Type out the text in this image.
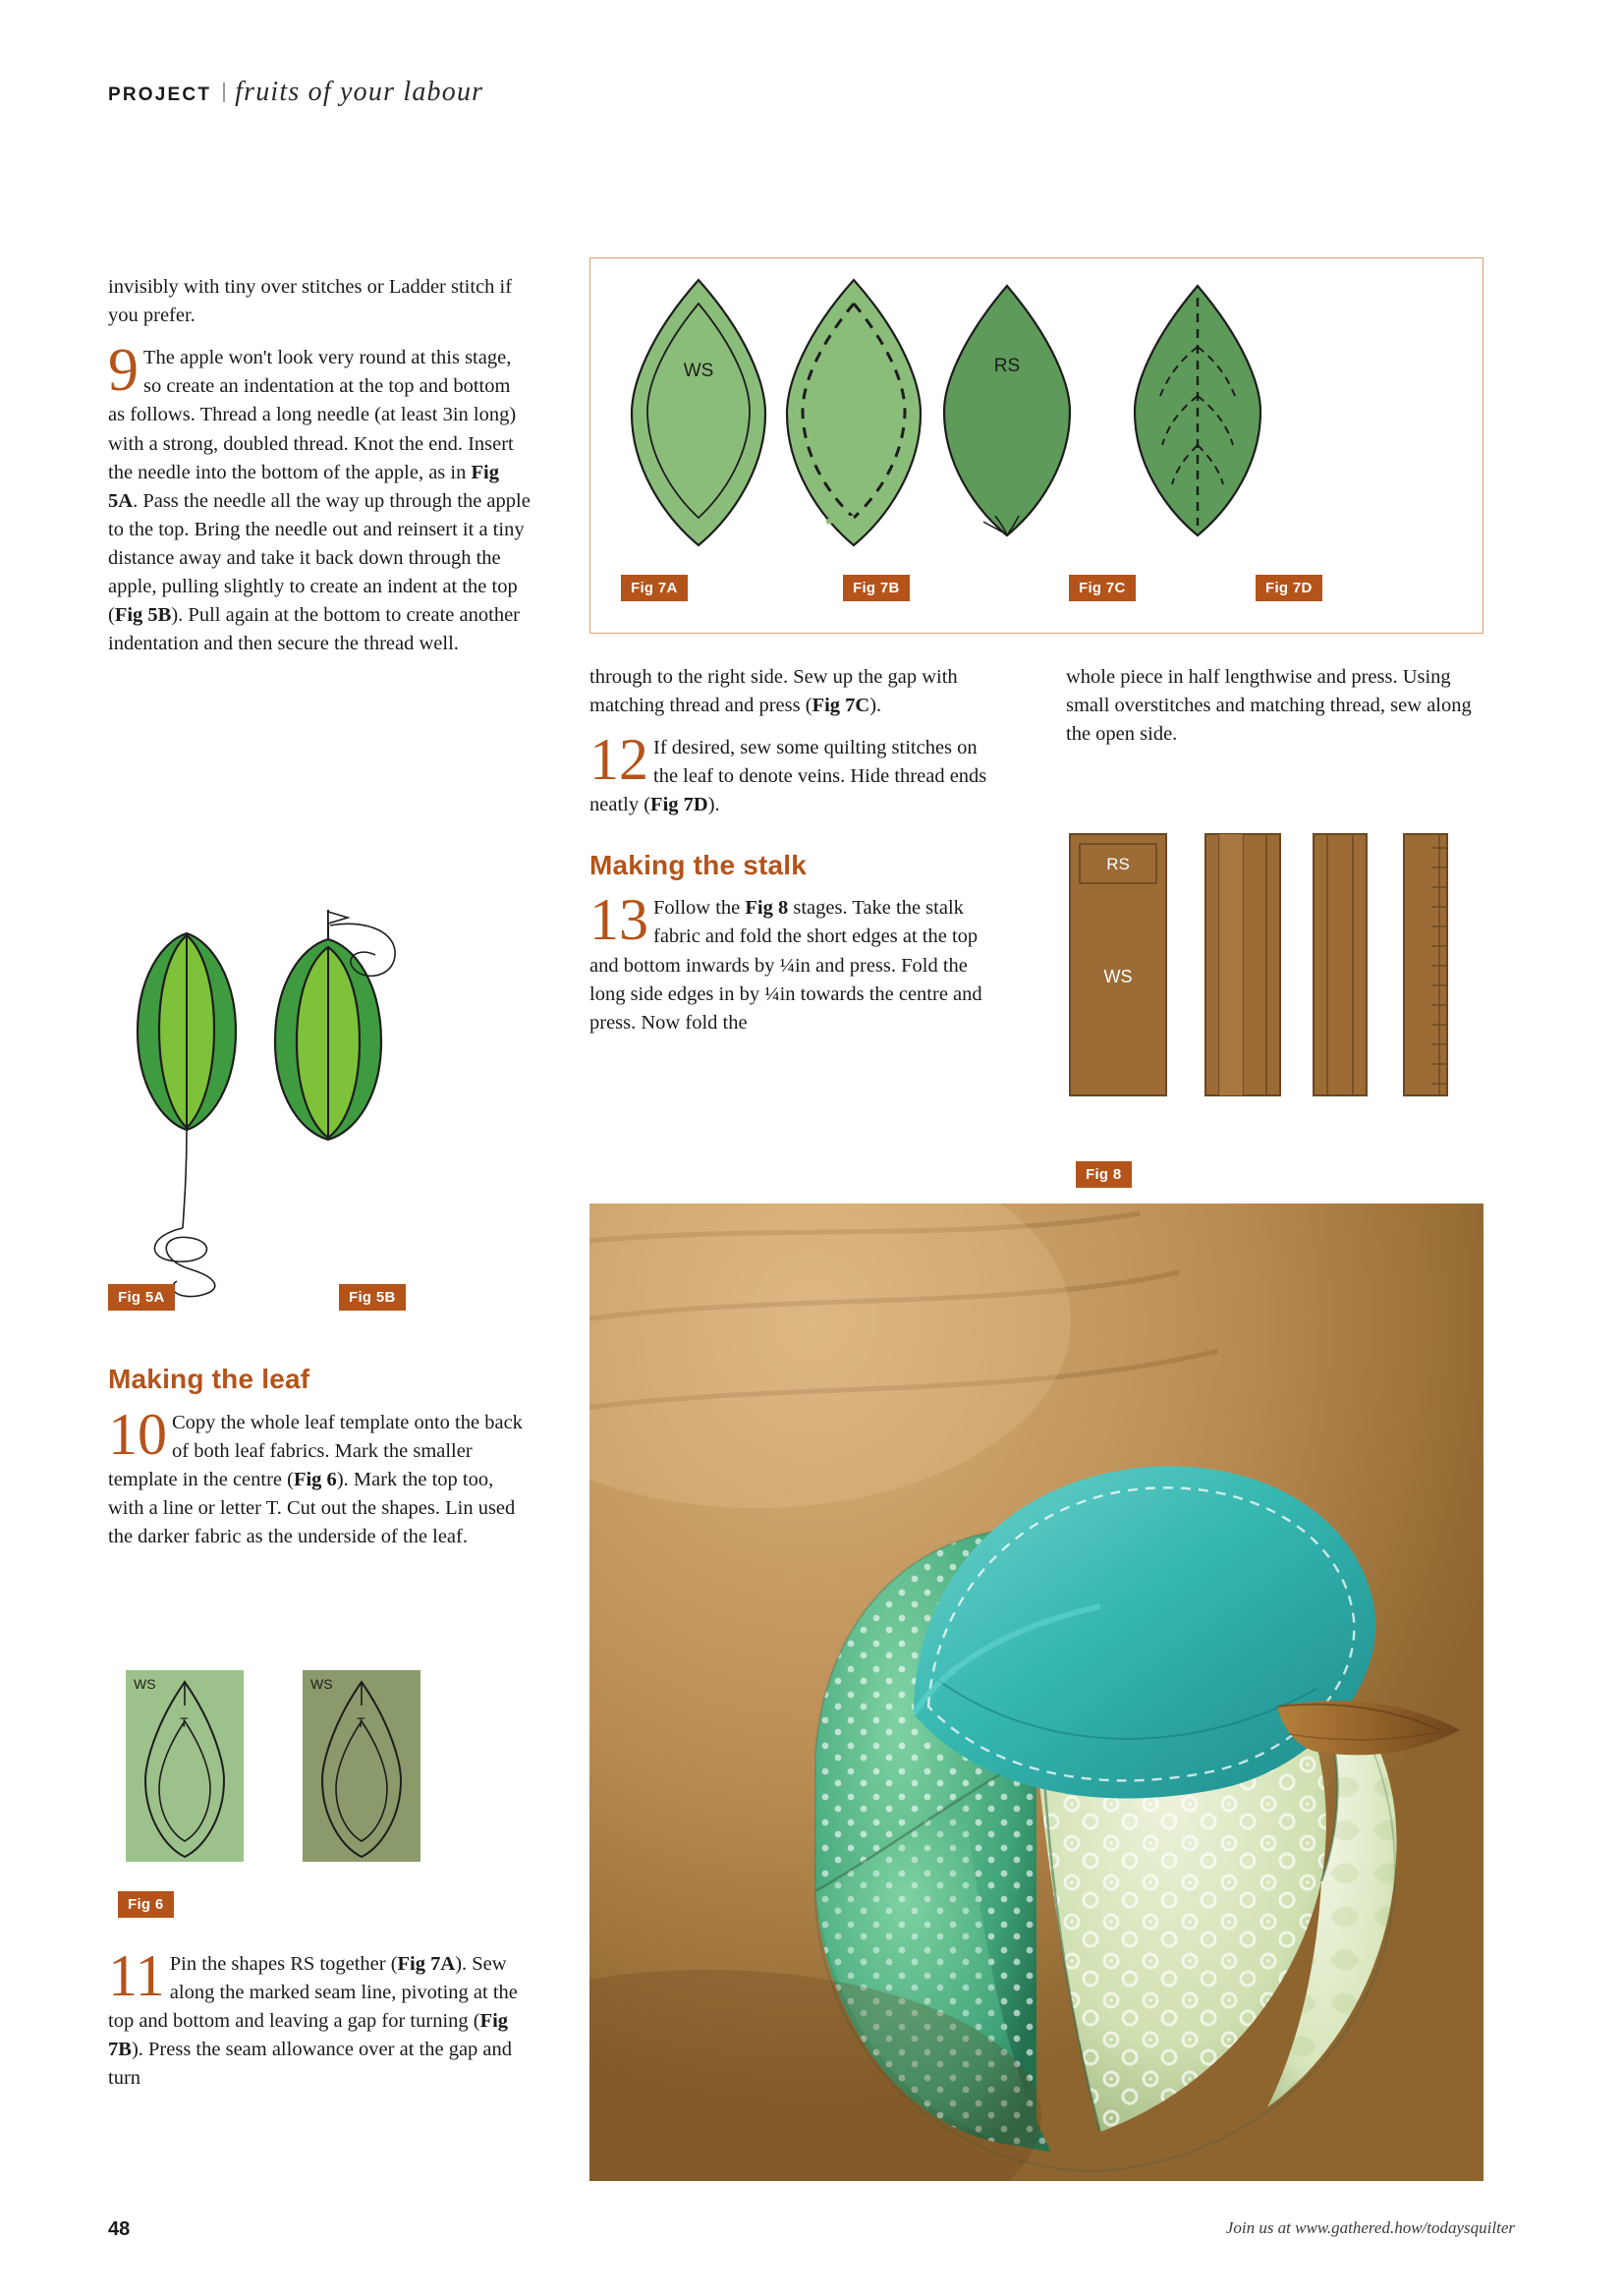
PROJECT fruits of your labour

invisibly with tiny over stitches or Ladder stitch if you prefer.

9 The apple won't look very round at this stage, so create an indentation at the top and bottom as follows. Thread a long needle (at least 3in long) with a strong, doubled thread. Knot the end. Insert the needle into the bottom of the apple, as in Fig 5A. Pass the needle all the way up through the apple to the top. Bring the needle out and reinsert it a tiny distance away and take it back down through the apple, pulling slightly to create an indent at the top (Fig 5B). Pull again at the bottom to create another indentation and then secure the thread well.

Fig 5A	Fig 5B
Making the leaf

10 Copy the whole leaf template onto the back of both leaf fabrics. Mark the smaller template in the centre (Fig 6). Mark the top too, with a line or letter T. Cut out the shapes. Lin used the darker fabric as the underside of the leaf.

WS
T
WS
T
Fig 6

11 Pin the shapes RS together (Fig 7A). Sew along the marked seam line, pivoting at the top and bottom and leaving a gap for turning (Fig 7B). Press the seam allowance over at the gap and turn

WS	RS
Fig 7A	Fig 7B	Fig 7C	Fig 7D

through to the right side. Sew up the gap with matching thread and press (Fig 7C).

12 If desired, sew some quilting stitches on the leaf to denote veins. Hide thread ends neatly (Fig 7D).

Making the stalk

13 Follow the Fig 8 stages. Take the stalk fabric and fold the short edges at the top and bottom inwards by ¼in and press. Fold the long side edges in by ¼in towards the centre and press. Now fold the

whole piece in half lengthwise and press. Using small overstitches and matching thread, sew along the open side.

RS
WS
Fig 8
48	Join us at www.gathered.how/todaysquilter
